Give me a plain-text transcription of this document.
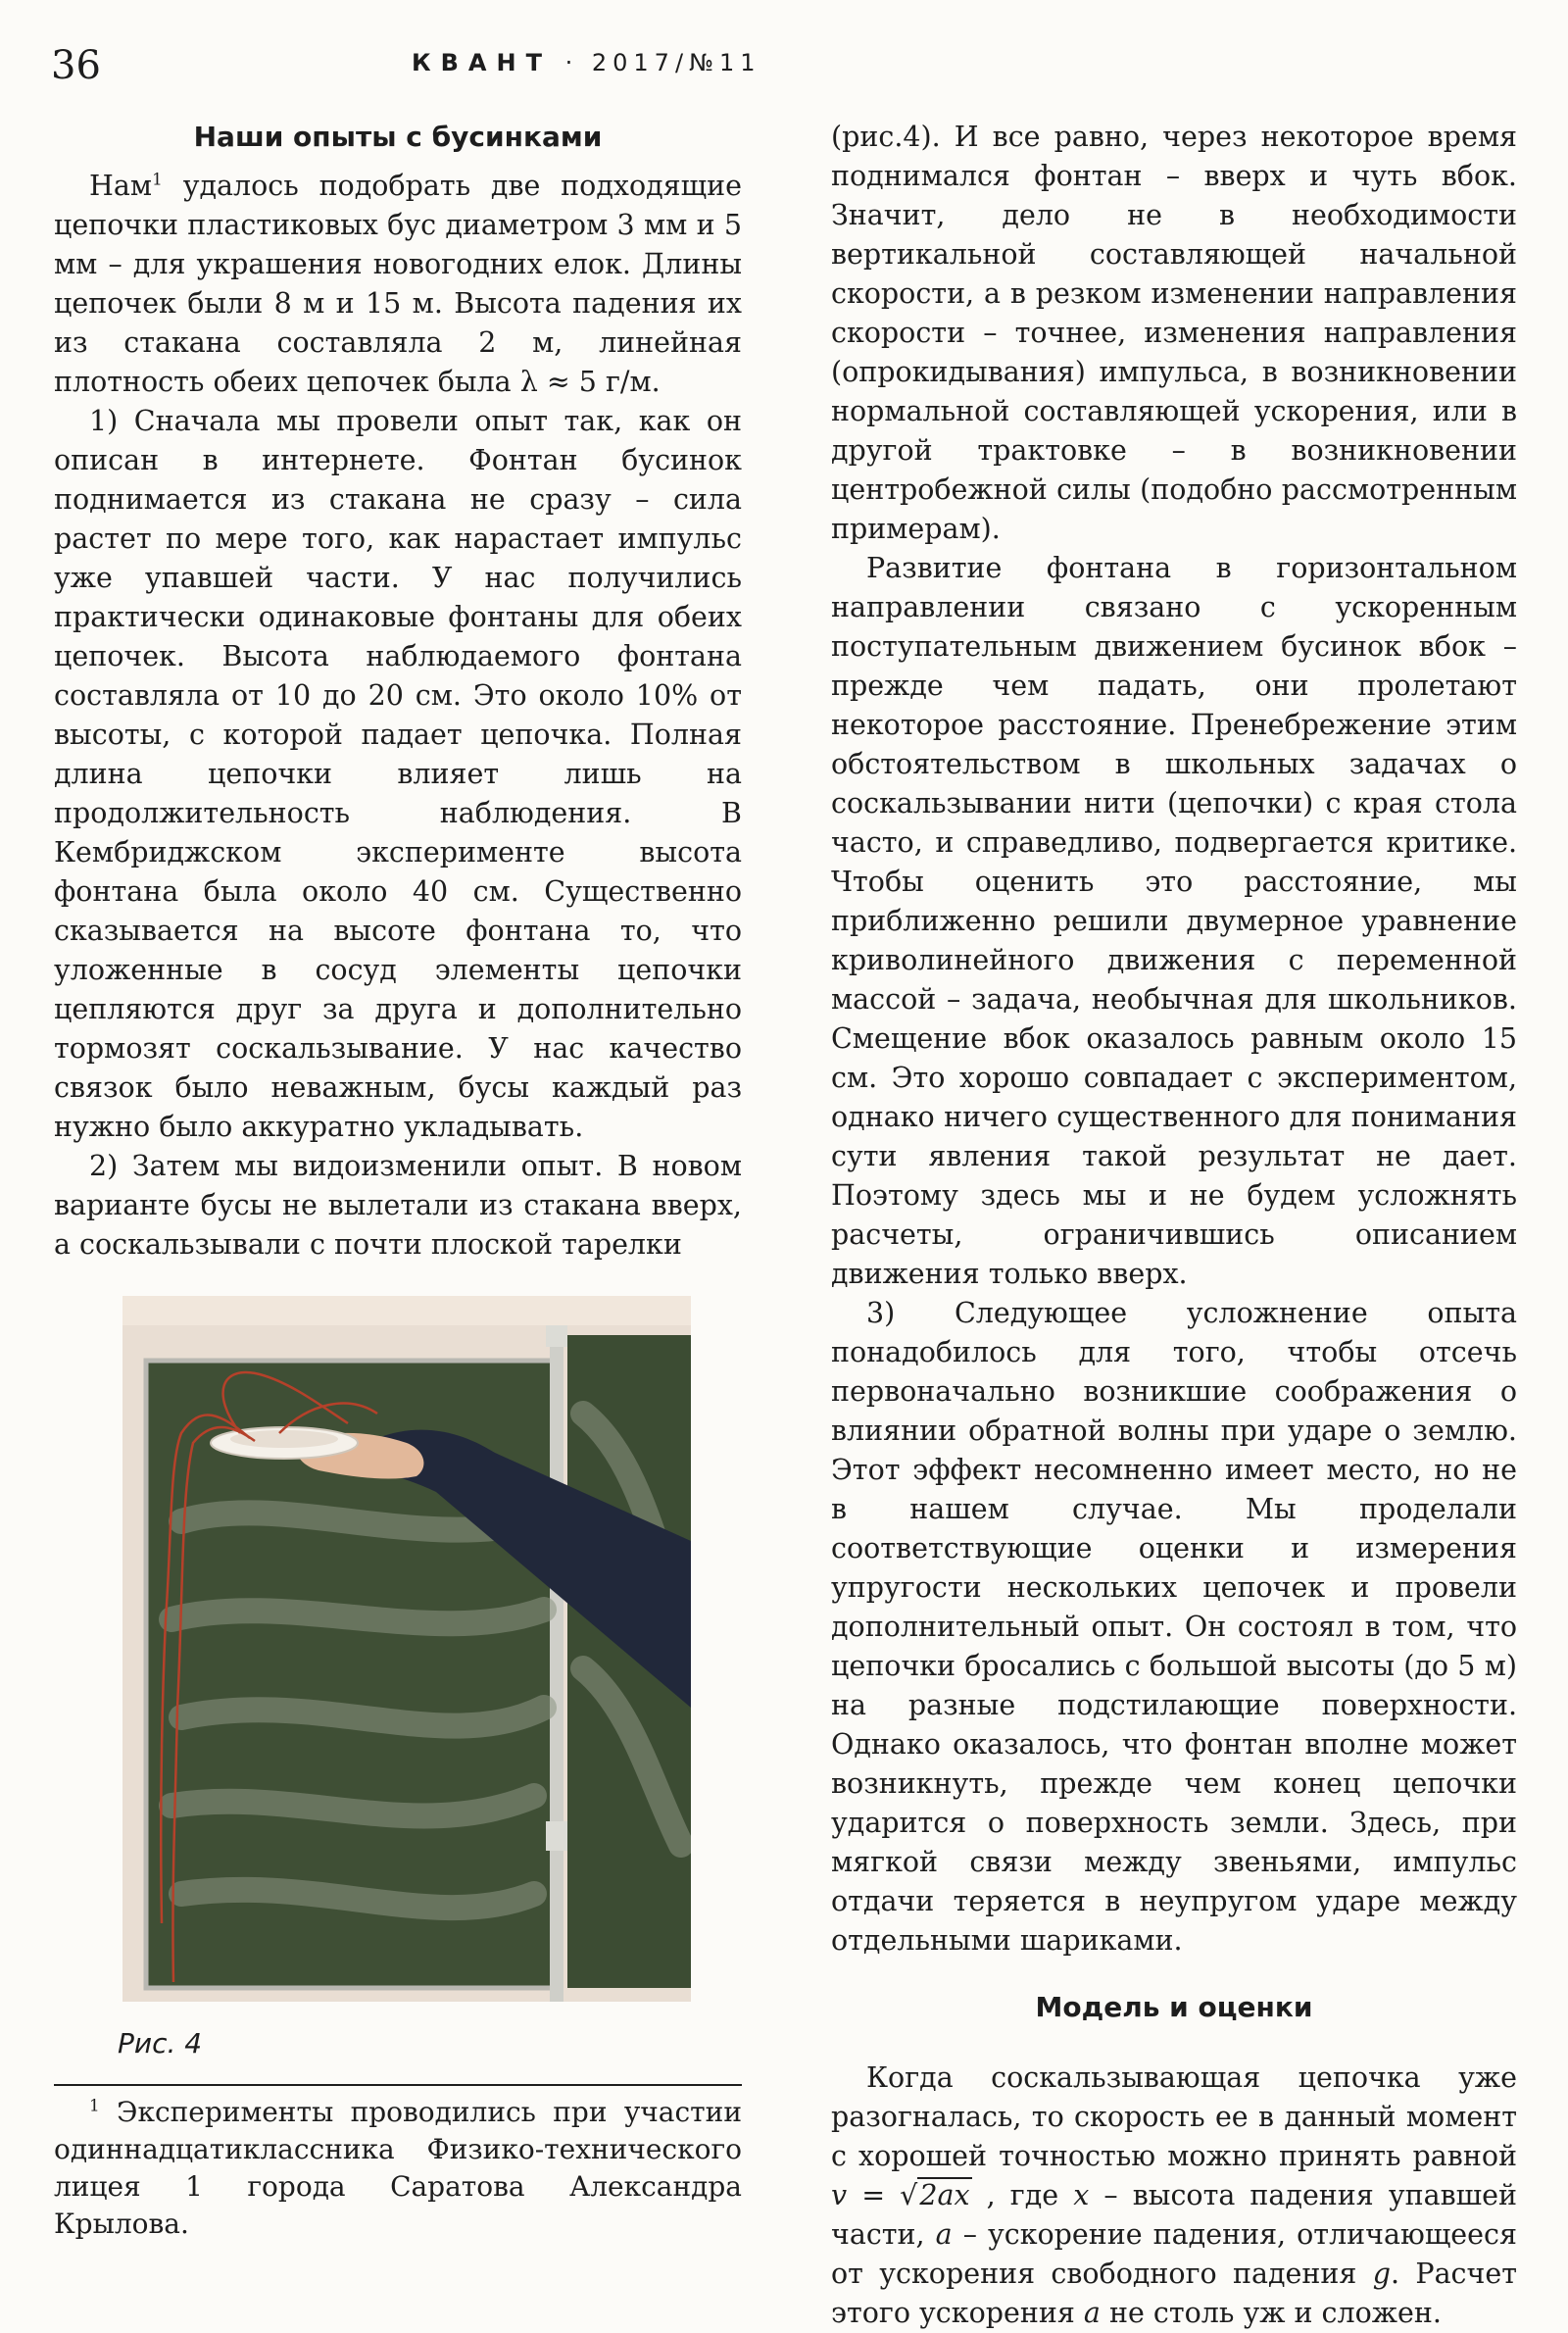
36	КВАНТ · 2017/№11
Наши опыты с бусинками

Нам$^1$ удалось подобрать две подходящие цепочки пластиковых бус диаметром 3 мм и 5 мм – для украшения новогодних елок. Длины цепочек были 8 м и 15 м. Высота падения их из стакана составляла 2 м, линейная плотность обеих цепочек была λ ≈ 5 г/м.

1) Сначала мы провели опыт так, как он описан в интернете. Фонтан бусинок поднимается из стакана не сразу – сила растет по мере того, как нарастает импульс уже упавшей части. У нас получились практически одинаковые фонтаны для обеих цепочек. Высота наблюдаемого фонтана составляла от 10 до 20 см. Это около 10% от высоты, с которой падает цепочка. Полная длина цепочки влияет лишь на продолжительность наблюдения. В Кембриджском эксперименте высота фонтана была около 40 см. Существенно сказывается на высоте фонтана то, что уложенные в сосуд элементы цепочки цепляются друг за друга и дополнительно тормозят соскальзывание. У нас качество связок было неважным, бусы каждый раз нужно было аккуратно укладывать.

2) Затем мы видоизменили опыт. В новом варианте бусы не вылетали из стакана вверх, а соскальзывали с почти плоской тарелки

Рис. 4

$^1$ Эксперименты проводились при участии одиннадцатиклассника Физико-технического лицея 1 города Саратова Александра Крылова.

(рис.4). И все равно, через некоторое время поднимался фонтан – вверх и чуть вбок. Значит, дело не в необходимости вертикальной составляющей начальной скорости, а в резком изменении направления скорости – точнее, изменения направления (опрокидывания) импульса, в возникновении нормальной составляющей ускорения, или в другой трактовке – в возникновении центробежной силы (подобно рассмотренным примерам).

Развитие фонтана в горизонтальном направлении связано с ускоренным поступательным движением бусинок вбок – прежде чем падать, они пролетают некоторое расстояние. Пренебрежение этим обстоятельством в школьных задачах о соскальзывании нити (цепочки) с края стола часто, и справедливо, подвергается критике. Чтобы оценить это расстояние, мы приближенно решили двумерное уравнение криволинейного движения с переменной массой – задача, необычная для школьников. Смещение вбок оказалось равным около 15 см. Это хорошо совпадает с экспериментом, однако ничего существенного для понимания сути явления такой результат не дает. Поэтому здесь мы и не будем усложнять расчеты, ограничившись описанием движения только вверх.

3) Следующее усложнение опыта понадобилось для того, чтобы отсечь первоначально возникшие соображения о влиянии обратной волны при ударе о землю. Этот эффект несомненно имеет место, но не в нашем случае. Мы проделали соответствующие оценки и измерения упругости нескольких цепочек и провели дополнительный опыт. Он состоял в том, что цепочки бросались с большой высоты (до 5 м) на разные подстилающие поверхности. Однако оказалось, что фонтан вполне может возникнуть, прежде чем конец цепочки ударится о поверхность земли. Здесь, при мягкой связи между звеньями, импульс отдачи теряется в неупругом ударе между отдельными шариками.

Модель и оценки

Когда соскальзывающая цепочка уже разогналась, то скорость ее в данный момент с хорошей точностью можно принять равной v = √2ax , где x – высота падения упавшей части, a – ускорение падения, отличающееся от ускорения свободного падения g. Расчет этого ускорения a не столь уж и сложен.
